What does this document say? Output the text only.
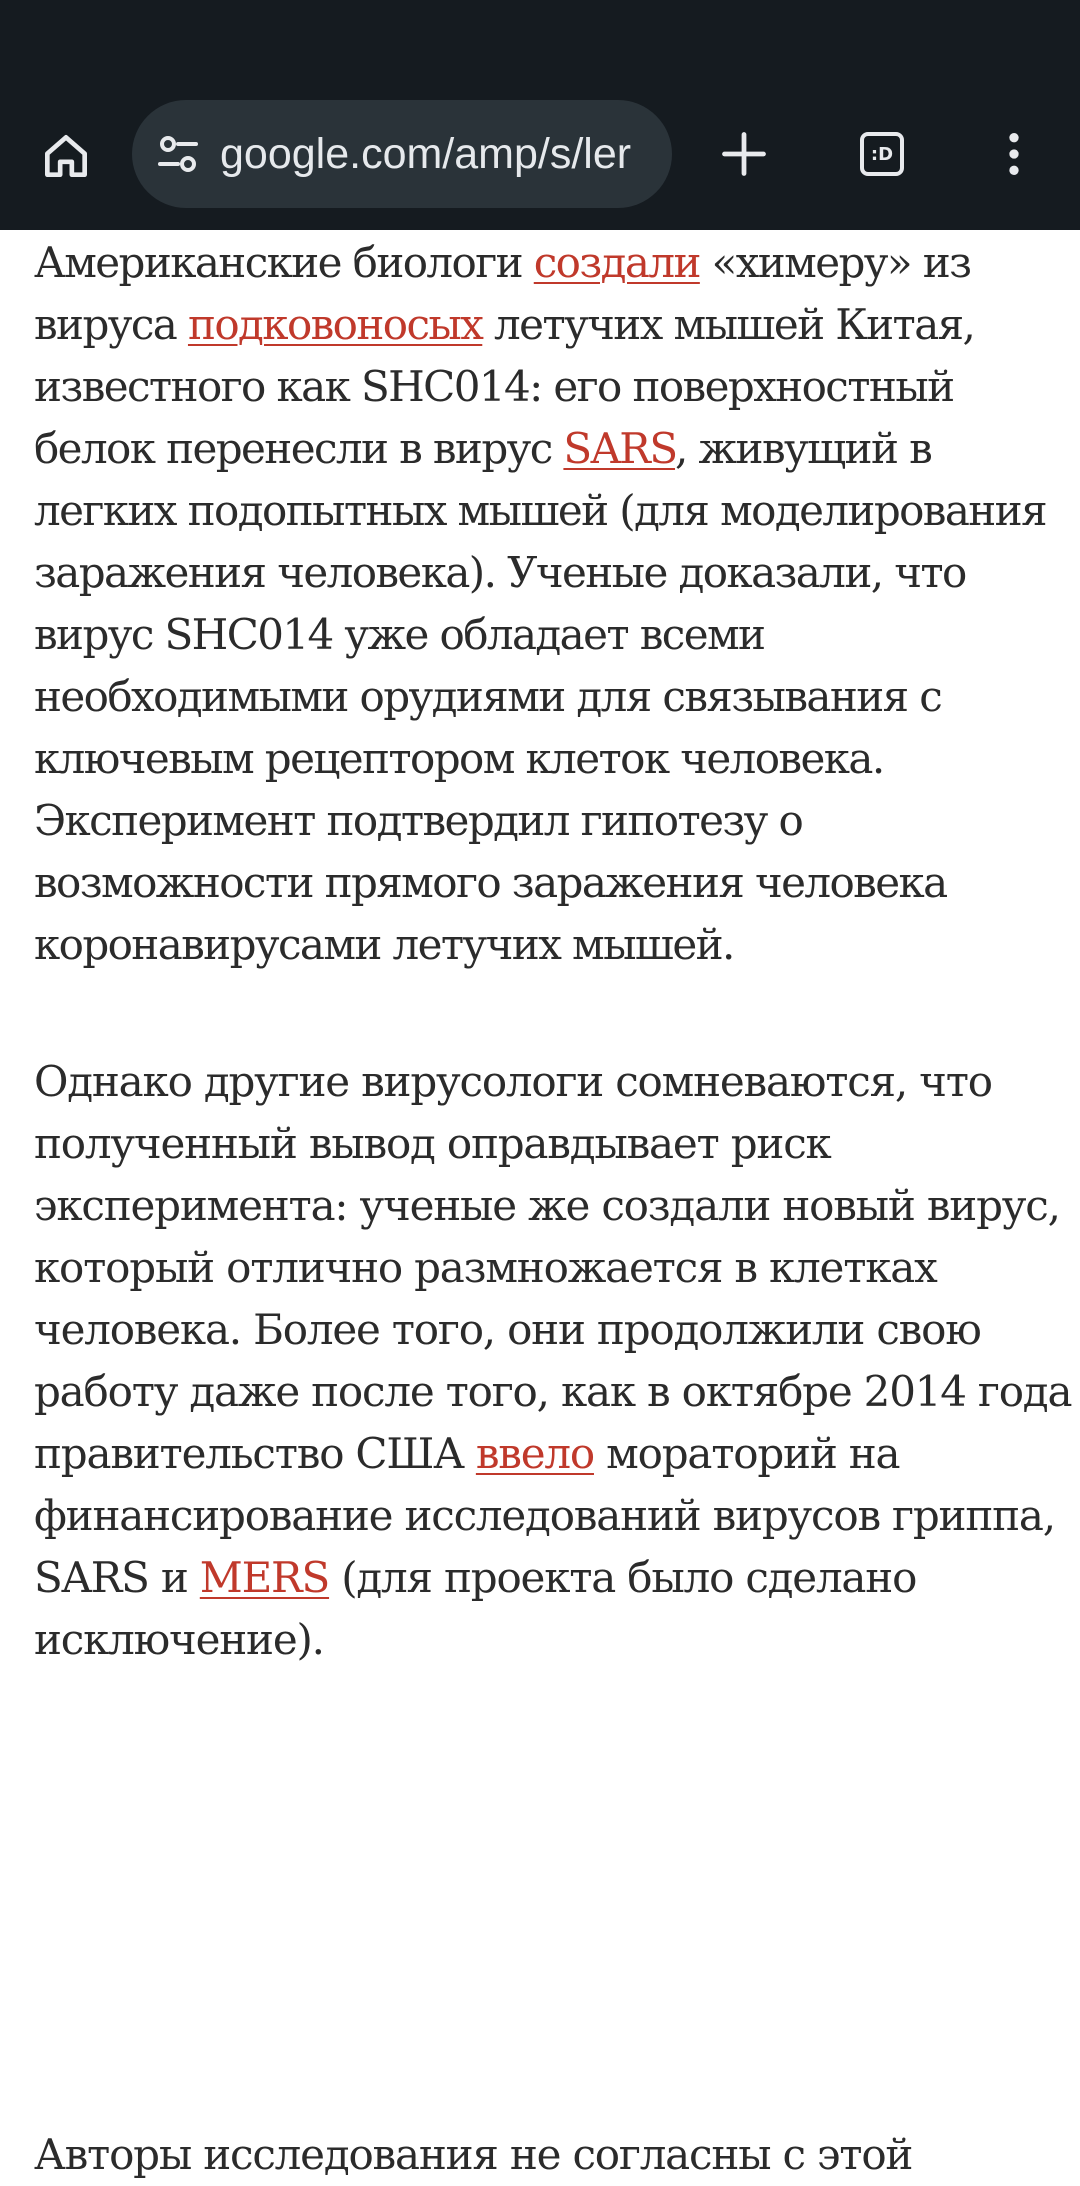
google.com/amp/s/ler	:D

Американские биологи создали «химеру» из вируса подковоносых летучих мышей Китая, известного как SHC014: его поверхностный белок перенесли в вирус SARS, живущий в легких подопытных мышей (для моделирования заражения человека). Ученые доказали, что вирус SHC014 уже обладает всеми необходимыми орудиями для связывания с ключевым рецептором клеток человека. Эксперимент подтвердил гипотезу о возможности прямого заражения человека коронавирусами летучих мышей.

Однако другие вирусологи сомневаются, что полученный вывод оправдывает риск эксперимента: ученые же создали новый вирус, который отлично размножается в клетках человека. Более того, они продолжили свою работу даже после того, как в октябре 2014 года правительство США ввело мораторий на финансирование исследований вирусов гриппа, SARS и MERS (для проекта было сделано исключение).

Авторы исследования не согласны с этой
